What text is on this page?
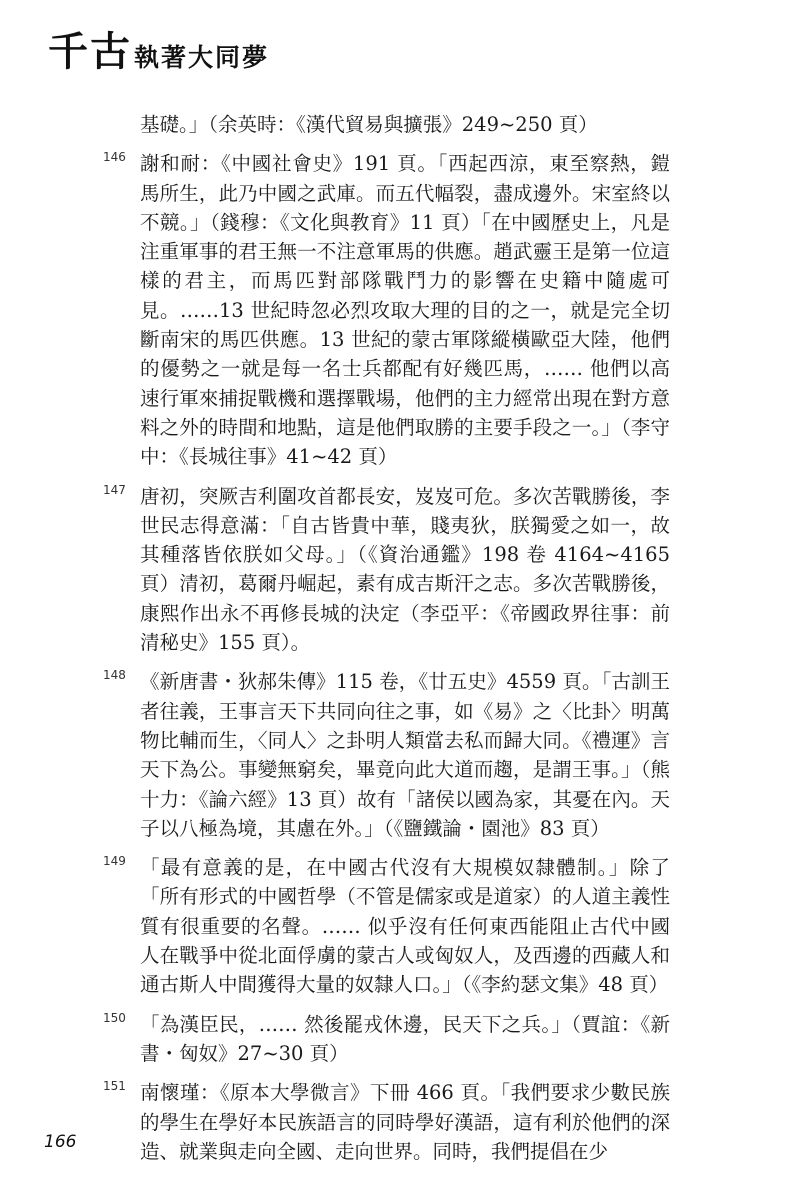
千古執著大同夢
基礎。」（余英時：《漢代貿易與擴張》249~250 頁）
146 謝和耐：《中國社會史》191 頁。「西起西涼，東至察熱，鎧馬所生，此乃中國之武庫。而五代幅裂，盡成邊外。宋室終以不競。」（錢穆：《文化與教育》11 頁）「在中國歷史上，凡是注重軍事的君王無一不注意軍馬的供應。趙武靈王是第一位這樣的君主，而馬匹對部隊戰鬥力的影響在史籍中隨處可見。……13 世紀時忽必烈攻取大理的目的之一，就是完全切斷南宋的馬匹供應。13 世紀的蒙古軍隊縱橫歐亞大陸，他們的優勢之一就是每一名士兵都配有好幾匹馬，…… 他們以高速行軍來捕捉戰機和選擇戰場，他們的主力經常出現在對方意料之外的時間和地點，這是他們取勝的主要手段之一。」（李守中：《長城往事》41~42 頁）
147 唐初，突厥吉利圍攻首都長安，岌岌可危。多次苦戰勝後，李世民志得意滿：「自古皆貴中華，賤夷狄，朕獨愛之如一，故其種落皆依朕如父母。」（《資治通鑑》198 卷 4164~4165 頁）清初，葛爾丹崛起，素有成吉斯汗之志。多次苦戰勝後，康熙作出永不再修長城的決定（李亞平：《帝國政界往事：前清秘史》155 頁）。
148 《新唐書・狄郝朱傳》115 卷，《廿五史》4559 頁。「古訓王者往義，王事言天下共同向往之事，如《易》之〈比卦〉明萬物比輔而生，〈同人〉之卦明人類當去私而歸大同。《禮運》言天下為公。事變無窮矣，畢竟向此大道而趨，是謂王事。」（熊十力：《論六經》13 頁）故有「諸侯以國為家，其憂在內。天子以八極為境，其慮在外。」（《鹽鐵論・園池》83 頁）
149 「最有意義的是，在中國古代沒有大規模奴隸體制。」除了「所有形式的中國哲學（不管是儒家或是道家）的人道主義性質有很重要的名聲。…… 似乎沒有任何東西能阻止古代中國人在戰爭中從北面俘虜的蒙古人或匈奴人，及西邊的西藏人和通古斯人中間獲得大量的奴隸人口。」（《李約瑟文集》48 頁）
150 「為漢臣民，…… 然後罷戎休邊，民天下之兵。」（賈誼：《新書・匈奴》27~30 頁）
151 南懷瑾：《原本大學微言》下冊 466 頁。「我們要求少數民族的學生在學好本民族語言的同時學好漢語，這有利於他們的深造、就業與走向全國、走向世界。同時，我們提倡在少
166
